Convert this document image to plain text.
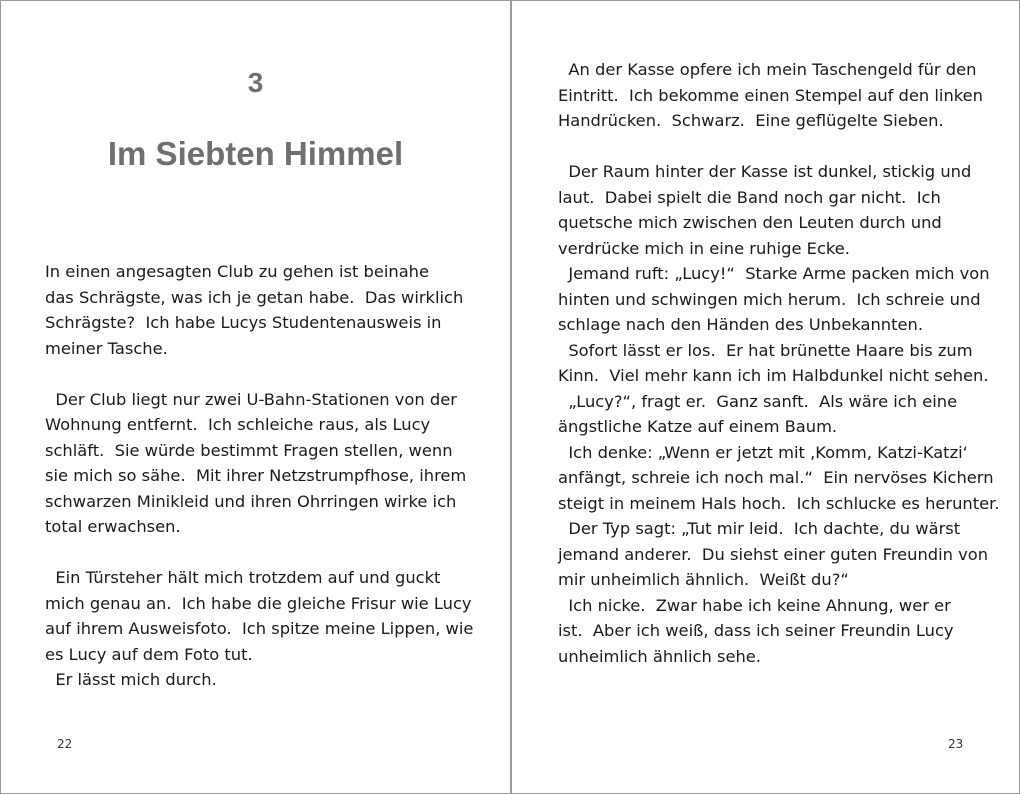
3
Im Siebten Himmel
In einen angesagten Club zu gehen ist beinahe
das Schrägste, was ich je getan habe.  Das wirklich
Schrägste?  Ich habe Lucys Studentenausweis in
meiner Tasche.
Der Club liegt nur zwei U-Bahn-Stationen von der
Wohnung entfernt.  Ich schleiche raus, als Lucy
schläft.  Sie würde bestimmt Fragen stellen, wenn
sie mich so sähe.  Mit ihrer Netzstrumpfhose, ihrem
schwarzen Minikleid und ihren Ohrringen wirke ich
total erwachsen.
Ein Türsteher hält mich trotzdem auf und guckt
mich genau an.  Ich habe die gleiche Frisur wie Lucy
auf ihrem Ausweisfoto.  Ich spitze meine Lippen, wie
es Lucy auf dem Foto tut.
Er lässt mich durch.
22
An der Kasse opfere ich mein Taschengeld für den
Eintritt.  Ich bekomme einen Stempel auf den linken
Handrücken.  Schwarz.  Eine geflügelte Sieben.
Der Raum hinter der Kasse ist dunkel, stickig und
laut.  Dabei spielt die Band noch gar nicht.  Ich
quetsche mich zwischen den Leuten durch und
verdrücke mich in eine ruhige Ecke.
Jemand ruft: „Lucy!“  Starke Arme packen mich von
hinten und schwingen mich herum.  Ich schreie und
schlage nach den Händen des Unbekannten.
Sofort lässt er los.  Er hat brünette Haare bis zum
Kinn.  Viel mehr kann ich im Halbdunkel nicht sehen.
„Lucy?“, fragt er.  Ganz sanft.  Als wäre ich eine
ängstliche Katze auf einem Baum.
Ich denke: „Wenn er jetzt mit ‚Komm, Katzi-Katzi‘
anfängt, schreie ich noch mal.“  Ein nervöses Kichern
steigt in meinem Hals hoch.  Ich schlucke es herunter.
Der Typ sagt: „Tut mir leid.  Ich dachte, du wärst
jemand anderer.  Du siehst einer guten Freundin von
mir unheimlich ähnlich.  Weißt du?“
Ich nicke.  Zwar habe ich keine Ahnung, wer er
ist.  Aber ich weiß, dass ich seiner Freundin Lucy
unheimlich ähnlich sehe.
23
